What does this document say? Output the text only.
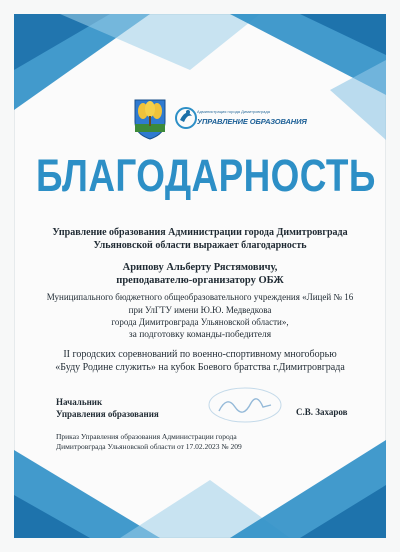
Администрация города Димитровграда
УПРАВЛЕНИЕ ОБРАЗОВАНИЯ
БЛАГОДАРНОСТЬ
Управление образования Администрации города Димитровграда
Ульяновской области выражает благодарность
Арипову Альберту Рястямовичу,
преподавателю-организатору ОБЖ
Муниципального бюджетного общеобразовательного учреждения «Лицей № 16
при УлГТУ имени Ю.Ю. Медведкова
города Димитровграда Ульяновской области»,
за подготовку команды-победителя
II городских соревнований по военно-спортивному многоборью
«Буду Родине служить» на кубок Боевого братства г.Димитровграда
Начальник
Управления образования	С.В. Захаров
Приказ Управления образования Администрации города
Димитровграда Ульяновской области от 17.02.2023 № 209
